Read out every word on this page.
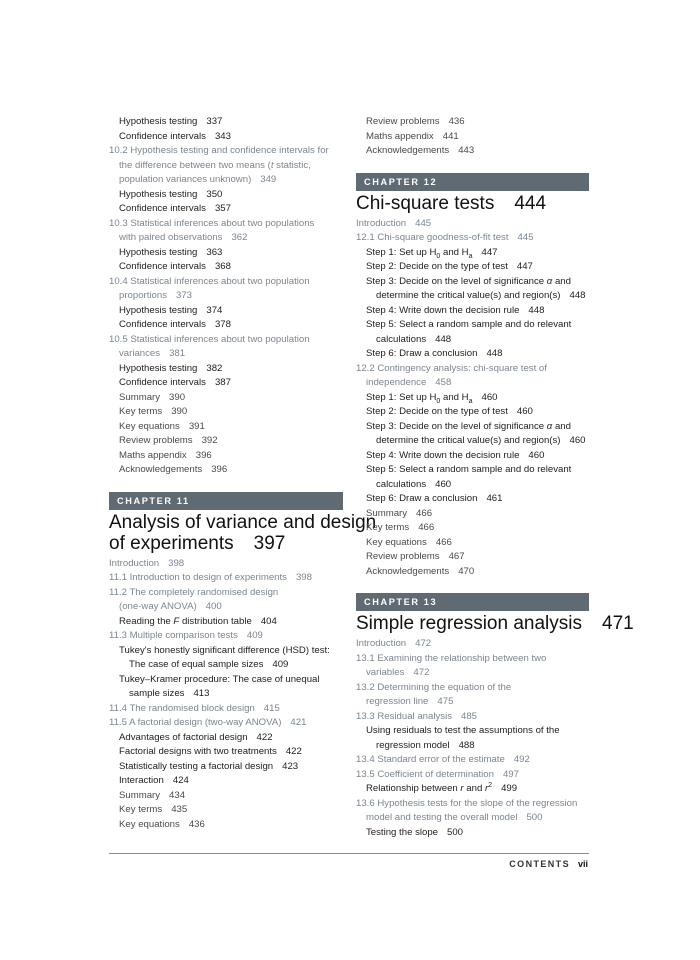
Hypothesis testing 337
Confidence intervals 343
10.2 Hypothesis testing and confidence intervals for
the difference between two means (t statistic,
population variances unknown) 349
Hypothesis testing 350
Confidence intervals 357
10.3 Statistical inferences about two populations
with paired observations 362
Hypothesis testing 363
Confidence intervals 368
10.4 Statistical inferences about two population
proportions 373
Hypothesis testing 374
Confidence intervals 378
10.5 Statistical inferences about two population
variances 381
Hypothesis testing 382
Confidence intervals 387
Summary 390
Key terms 390
Key equations 391
Review problems 392
Maths appendix 396
Acknowledgements 396
CHAPTER 11
Analysis of variance and design
of experiments 397
Introduction 398
11.1 Introduction to design of experiments 398
11.2 The completely randomised design
(one-way ANOVA) 400
Reading the F distribution table 404
11.3 Multiple comparison tests 409
Tukey's honestly significant difference (HSD) test:
The case of equal sample sizes 409
Tukey–Kramer procedure: The case of unequal
sample sizes 413
11.4 The randomised block design 415
11.5 A factorial design (two-way ANOVA) 421
Advantages of factorial design 422
Factorial designs with two treatments 422
Statistically testing a factorial design 423
Interaction 424
Summary 434
Key terms 435
Key equations 436
Review problems 436
Maths appendix 441
Acknowledgements 443
CHAPTER 12
Chi-square tests 444
Introduction 445
12.1 Chi-square goodness-of-fit test 445
Step 1: Set up $H_0$ and $H_a$ 447
Step 2: Decide on the type of test 447
Step 3: Decide on the level of significance α and
determine the critical value(s) and region(s) 448
Step 4: Write down the decision rule 448
Step 5: Select a random sample and do relevant
calculations 448
Step 6: Draw a conclusion 448
12.2 Contingency analysis: chi-square test of
independence 458
Step 1: Set up $H_0$ and $H_a$ 460
Step 2: Decide on the type of test 460
Step 3: Decide on the level of significance α and
determine the critical value(s) and region(s) 460
Step 4: Write down the decision rule 460
Step 5: Select a random sample and do relevant
calculations 460
Step 6: Draw a conclusion 461
Summary 466
Key terms 466
Key equations 466
Review problems 467
Acknowledgements 470
CHAPTER 13
Simple regression analysis 471
Introduction 472
13.1 Examining the relationship between two
variables 472
13.2 Determining the equation of the
regression line 475
13.3 Residual analysis 485
Using residuals to test the assumptions of the
regression model 488
13.4 Standard error of the estimate 492
13.5 Coefficient of determination 497
Relationship between r and $r^2$ 499
13.6 Hypothesis tests for the slope of the regression
model and testing the overall model 500
Testing the slope 500
CONTENTS vii
